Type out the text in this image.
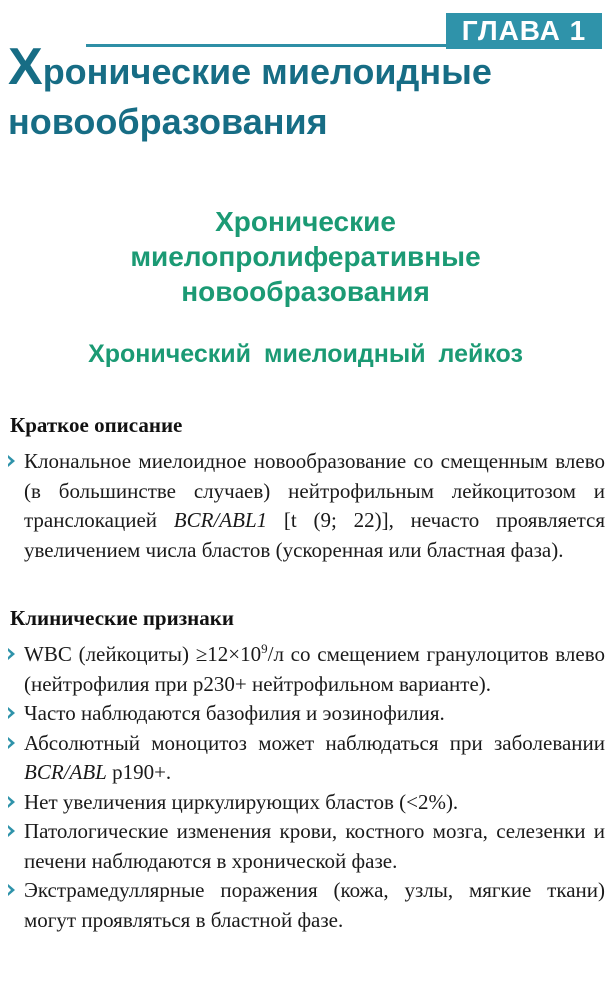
ГЛАВА 1
Хронические миелоидные
новообразования
Хронические
миелопролиферативные
новообразования
Хронический миелоидный лейкоз
Краткое описание
Клональное миелоидное новообразование со смещенным влево (в большинстве случаев) нейтрофильным лейкоцитозом и транслокацией BCR/ABL1 [t (9; 22)], нечасто проявляется увеличением числа бластов (ускоренная или бластная фаза).
Клинические признаки
WBC (лейкоциты) $\ge 12\times 10^9/л$ со смещением гранулоцитов влево (нейтрофилия при p230+ нейтрофильном варианте).
Часто наблюдаются базофилия и эозинофилия.
Абсолютный моноцитоз может наблюдаться при заболевании BCR/ABL p190+.
Нет увеличения циркулирующих бластов (<2%).
Патологические изменения крови, костного мозга, селезенки и печени наблюдаются в хронической фазе.
Экстрамедуллярные поражения (кожа, узлы, мягкие ткани) могут проявляться в бластной фазе.
